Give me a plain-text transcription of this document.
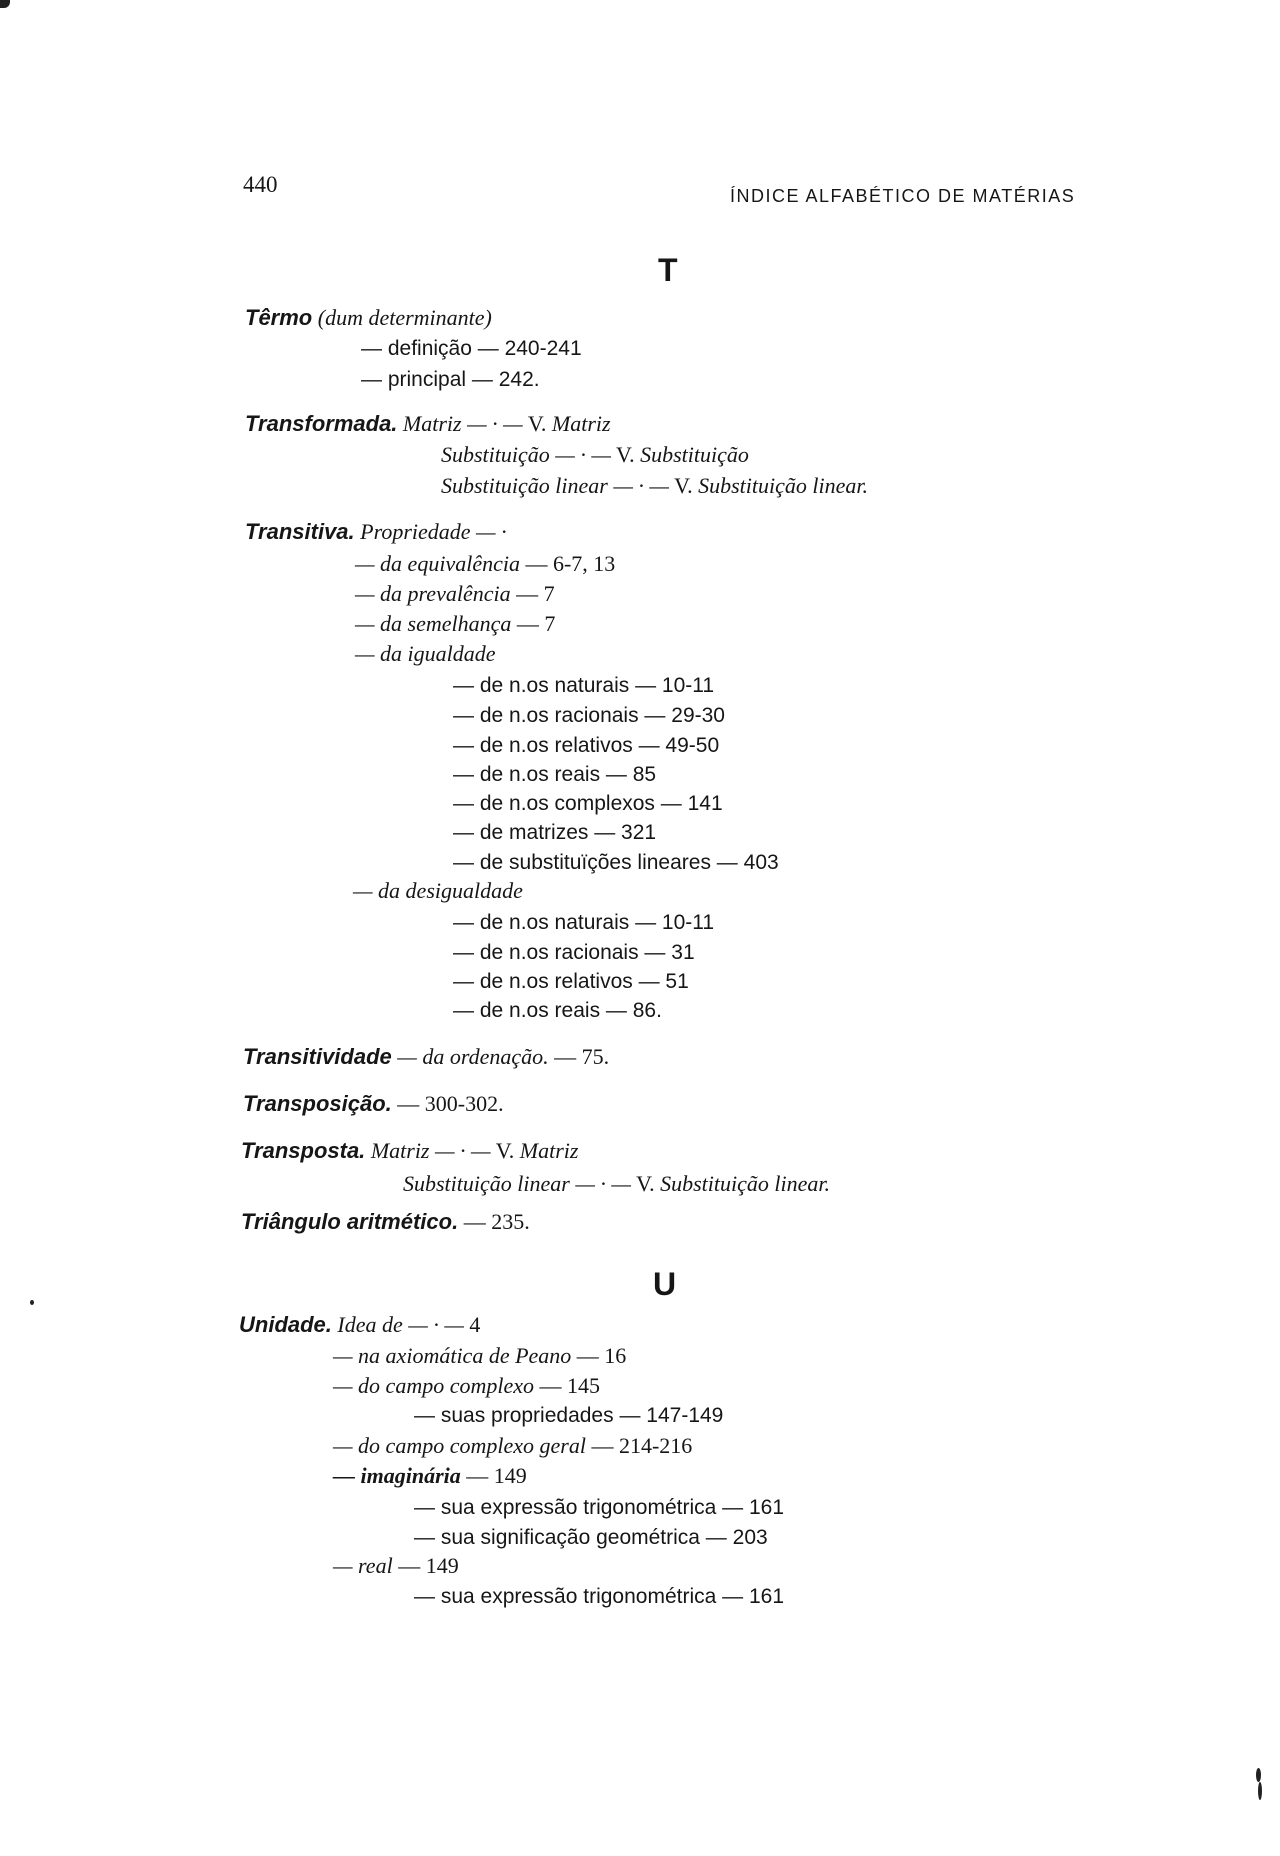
440	ÍNDICE ALFABÉTICO DE MATÉRIAS
T
Têrmo (dum determinante)
— definição — 240-241
— principal — 242.
Transformada. Matriz — · — V. Matriz
Substituição — · — V. Substituição
Substituição linear — · — V. Substituição linear.
Transitiva. Propriedade — ·
— da equivalência — 6-7, 13
— da prevalência — 7
— da semelhança — 7
— da igualdade
— de n.os naturais — 10-11
— de n.os racionais — 29-30
— de n.os relativos — 49-50
— de n.os reais — 85
— de n.os complexos — 141
— de matrizes — 321
— de substituïções lineares — 403
— da desigualdade
— de n.os naturais — 10-11
— de n.os racionais — 31
— de n.os relativos — 51
— de n.os reais — 86.
Transitividade — da ordenação. — 75.
Transposição. — 300-302.
Transposta. Matriz — · — V. Matriz
Substituição linear — · — V. Substituição linear.
Triângulo aritmético. — 235.
U
Unidade. Idea de — · — 4
— na axiomática de Peano — 16
— do campo complexo — 145
— suas propriedades — 147-149
— do campo complexo geral — 214-216
— imaginária — 149
— sua expressão trigonométrica — 161
— sua significação geométrica — 203
— real — 149
— sua expressão trigonométrica — 161
